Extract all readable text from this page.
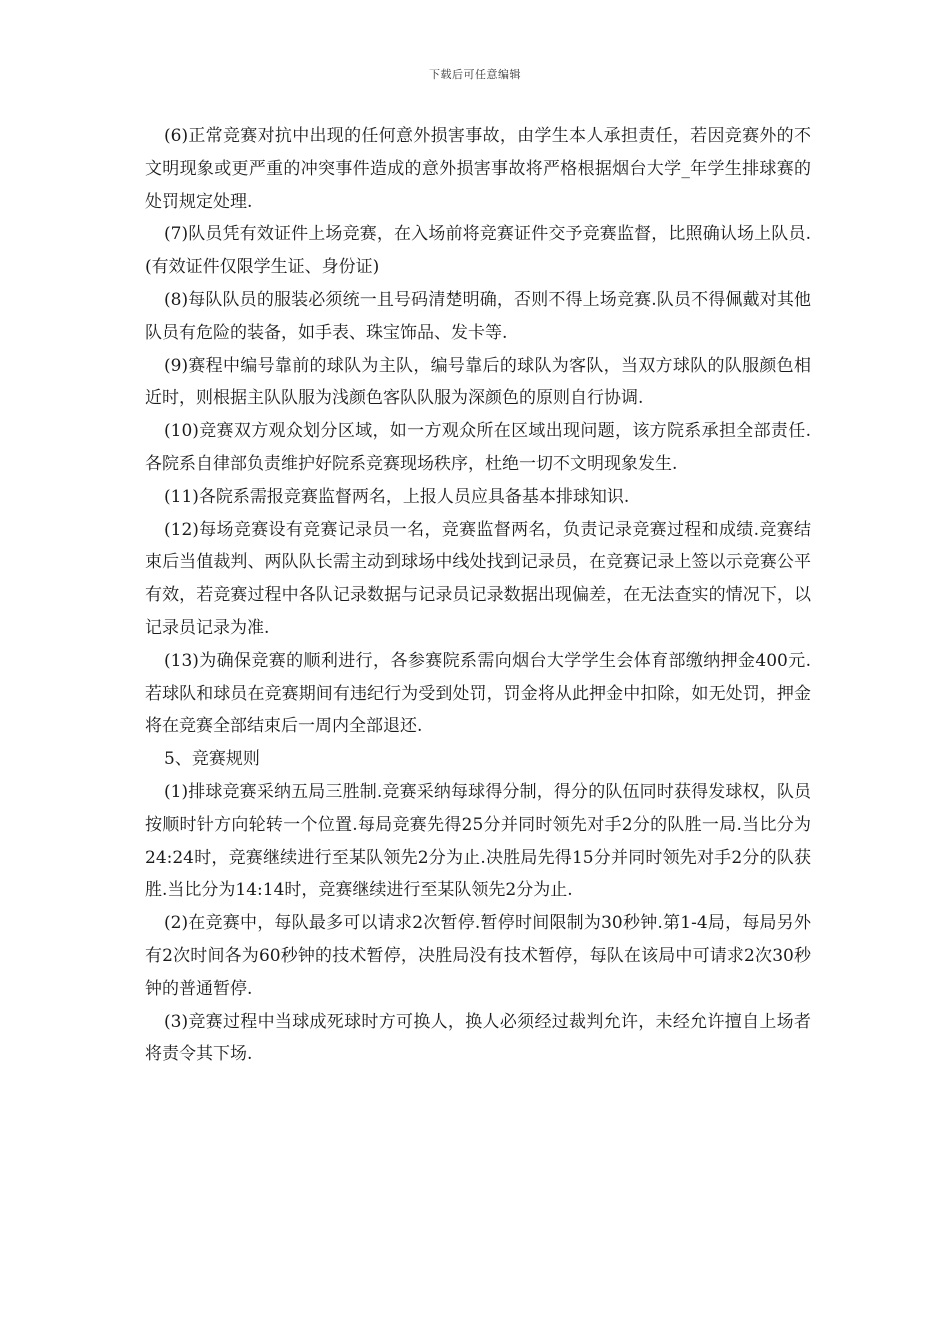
下载后可任意编辑

(6)正常竞赛对抗中出现的任何意外损害事故，由学生本人承担责任，若因竞赛外的不文明现象或更严重的冲突事件造成的意外损害事故将严格根据烟台大学_年学生排球赛的处罚规定处理.

(7)队员凭有效证件上场竞赛，在入场前将竞赛证件交予竞赛监督，比照确认场上队员.(有效证件仅限学生证、身份证)

(8)每队队员的服装必须统一且号码清楚明确，否则不得上场竞赛.队员不得佩戴对其他队员有危险的装备，如手表、珠宝饰品、发卡等.

(9)赛程中编号靠前的球队为主队，编号靠后的球队为客队，当双方球队的队服颜色相近时，则根据主队队服为浅颜色客队队服为深颜色的原则自行协调.

(10)竞赛双方观众划分区域，如一方观众所在区域出现问题，该方院系承担全部责任.各院系自律部负责维护好院系竞赛现场秩序，杜绝一切不文明现象发生.

(11)各院系需报竞赛监督两名，上报人员应具备基本排球知识.

(12)每场竞赛设有竞赛记录员一名，竞赛监督两名，负责记录竞赛过程和成绩.竞赛结束后当值裁判、两队队长需主动到球场中线处找到记录员，在竞赛记录上签以示竞赛公平有效，若竞赛过程中各队记录数据与记录员记录数据出现偏差，在无法查实的情况下，以记录员记录为准.

(13)为确保竞赛的顺利进行，各参赛院系需向烟台大学学生会体育部缴纳押金400元.若球队和球员在竞赛期间有违纪行为受到处罚，罚金将从此押金中扣除，如无处罚，押金将在竞赛全部结束后一周内全部退还.

5、竞赛规则

(1)排球竞赛采纳五局三胜制.竞赛采纳每球得分制，得分的队伍同时获得发球权，队员按顺时针方向轮转一个位置.每局竞赛先得25分并同时领先对手2分的队胜一局.当比分为24:24时，竞赛继续进行至某队领先2分为止.决胜局先得15分并同时领先对手2分的队获胜.当比分为14:14时，竞赛继续进行至某队领先2分为止.

(2)在竞赛中，每队最多可以请求2次暂停.暂停时间限制为30秒钟.第1-4局，每局另外有2次时间各为60秒钟的技术暂停，决胜局没有技术暂停，每队在该局中可请求2次30秒钟的普通暂停.

(3)竞赛过程中当球成死球时方可换人，换人必须经过裁判允许，未经允许擅自上场者将责令其下场.
